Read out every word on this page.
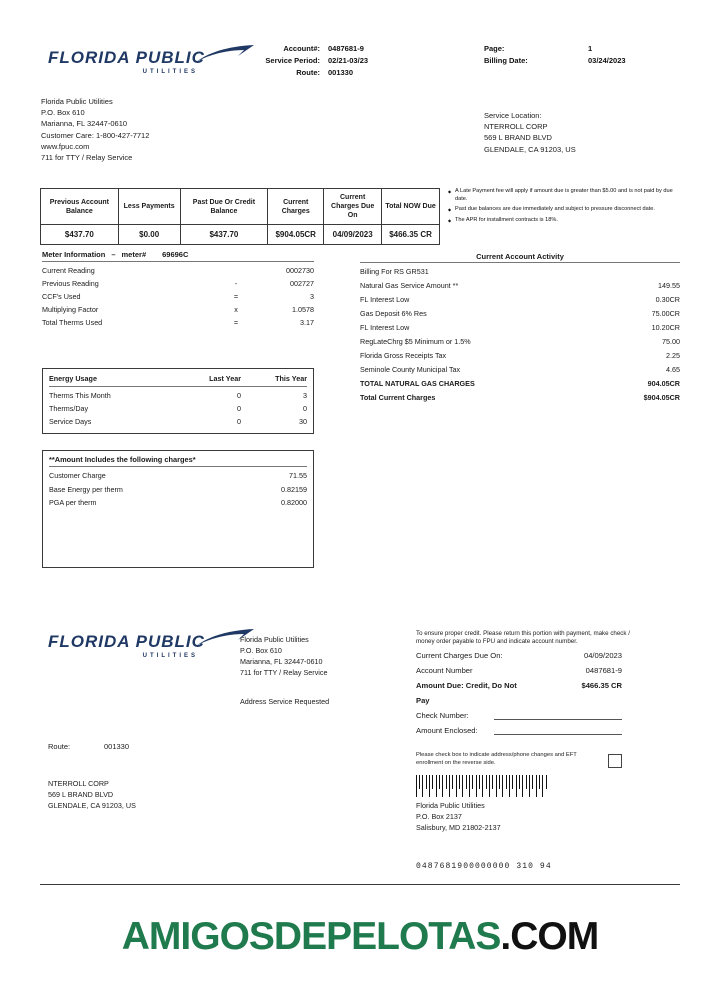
FLORIDA PUBLIC
UTILITIES
Account#: 0487681-9
Service Period: 02/21-03/23
Route: 001330
Page:	1
Billing Date:	03/24/2023
Florida Public Utilities
P.O. Box 610
Marianna, FL 32447-0610
Customer Care: 1-800-427-7712
www.fpuc.com
711 for TTY / Relay Service
Service Location:
NTERROLL CORP
569 L BRAND BLVD
GLENDALE, CA 91203, US
Previous Account Balance	Less Payments	Past Due Or Credit Balance	Current Charges	Current Charges Due On	Total NOW Due
$437.70	$0.00	$437.70	$904.05CR	04/09/2023	$466.35 CR
◆ A Late Payment fee will apply if amount due is greater than $5.00 and is not paid by due date.
◆ Past due balances are due immediately and subject to pressure disconnect date.
◆ The APR for installment contracts is 18%.
Meter Information – meter# 69696C
Current Reading	0002730
Previous Reading	-	002727
CCF's Used	=	3
Multiplying Factor	x	1.0578
Total Therms Used	=	3.17
Current Account Activity
Billing For RS GR531
Natural Gas Service Amount **	149.55
FL Interest Low	0.30CR
Gas Deposit 6% Res	75.00CR
FL Interest Low	10.20CR
RegLateChrg $5 Minimum or 1.5%	75.00
Florida Gross Receipts Tax	2.25
Seminole County Municipal Tax	4.65
TOTAL NATURAL GAS CHARGES	904.05CR
Total Current Charges	$904.05CR
Energy Usage	Last Year	This Year
Therms This Month	0	3
Therms/Day	0	0
Service Days	0	30
**Amount Includes the following charges*
Customer Charge	71.55
Base Energy per therm	0.82159
PGA per therm	0.82000
FLORIDA PUBLIC
UTILITIES
Florida Public Utilities
P.O. Box 610
Marianna, FL 32447-0610
711 for TTY / Relay Service
Address Service Requested
To ensure proper credit. Please return this portion with payment, make check / money order payable to FPU and indicate account number.
Current Charges Due On:	04/09/2023
Account Number	0487681-9
Amount Due: Credit, Do Not Pay
$466.35 CR
Check Number:
Amount Enclosed:
Please check box to indicate address/phone changes and EFT enrollment on the reverse side.
Route:	001330
NTERROLL CORP
569 L BRAND BLVD
GLENDALE, CA 91203, US	Florida Public Utilities
P.O. Box 2137
Salisbury, MD 21802-2137
0487681900000000 310 94
AMIGOSDEPELOTAS.COM
